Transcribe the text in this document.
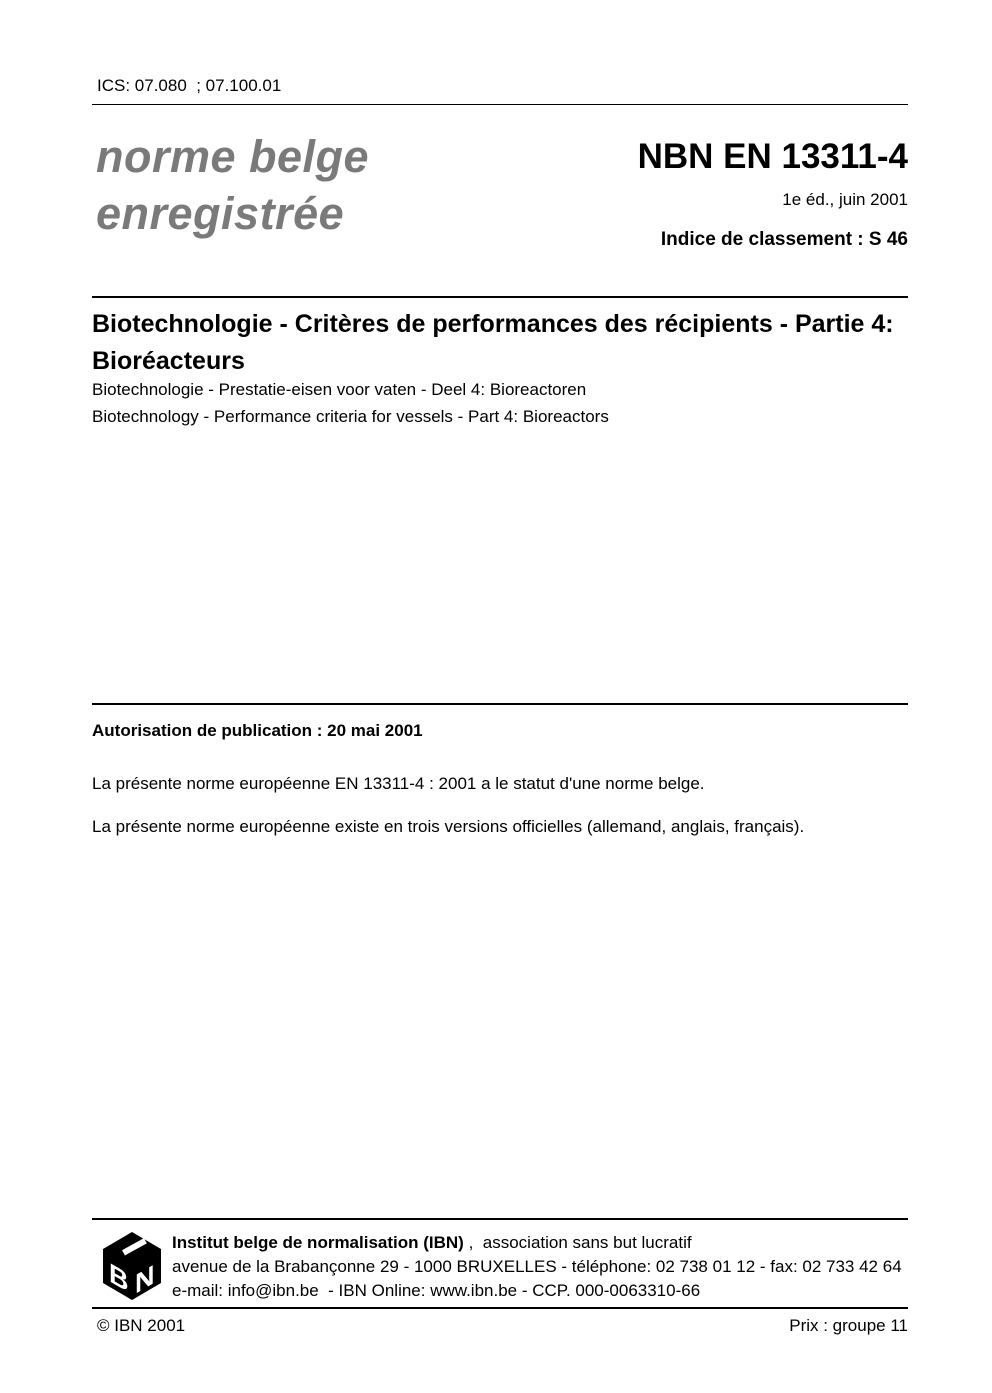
ICS: 07.080  ; 07.100.01
norme belge
enregistrée
NBN EN 13311-4
1e éd., juin 2001
Indice de classement : S 46
Biotechnologie - Critères de performances des récipients - Partie 4:
Bioréacteurs
Biotechnologie - Prestatie-eisen voor vaten - Deel 4: Bioreactoren
Biotechnology - Performance criteria for vessels - Part 4: Bioreactors
Autorisation de publication : 20 mai 2001
La présente norme européenne EN 13311-4 : 2001 a le statut d'une norme belge.
La présente norme européenne existe en trois versions officielles (allemand, anglais, français).
B N
Institut belge de normalisation (IBN) ,  association sans but lucratif
avenue de la Brabançonne 29 - 1000 BRUXELLES - téléphone: 02 738 01 12 - fax: 02 733 42 64
e-mail: info@ibn.be  - IBN Online: www.ibn.be - CCP. 000-0063310-66
© IBN 2001	Prix : groupe 11
